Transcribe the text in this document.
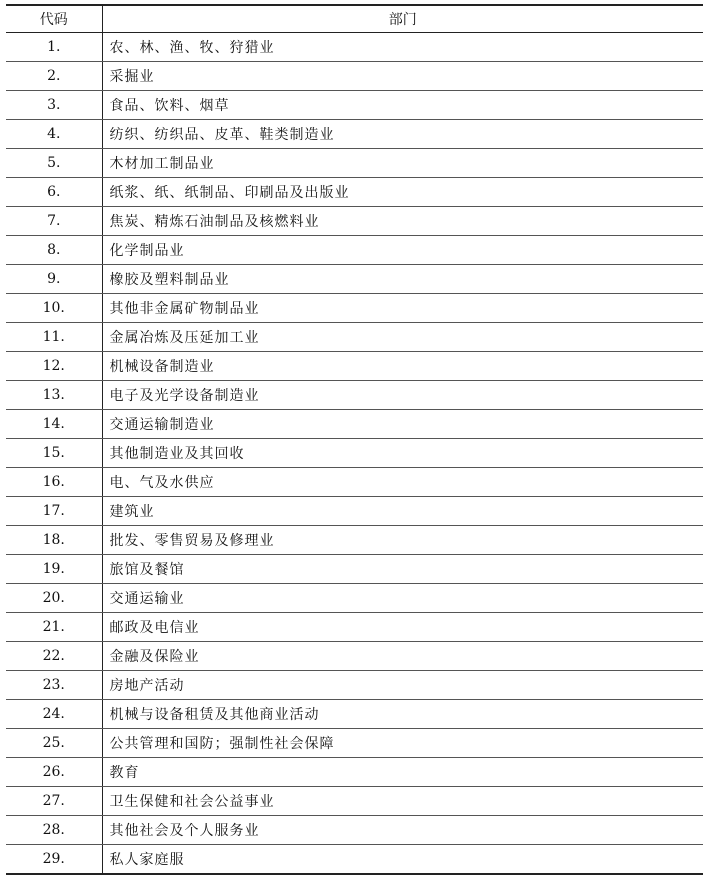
代码	部门
1.	农、林、渔、牧、狩猎业
2.	采掘业
3.	食品、饮料、烟草
4.	纺织、纺织品、皮革、鞋类制造业
5.	木材加工制品业
6.	纸浆、纸、纸制品、印刷品及出版业
7.	焦炭、精炼石油制品及核燃料业
8.	化学制品业
9.	橡胶及塑料制品业
10.	其他非金属矿物制品业
11.	金属冶炼及压延加工业
12.	机械设备制造业
13.	电子及光学设备制造业
14.	交通运输制造业
15.	其他制造业及其回收
16.	电、气及水供应
17.	建筑业
18.	批发、零售贸易及修理业
19.	旅馆及餐馆
20.	交通运输业
21.	邮政及电信业
22.	金融及保险业
23.	房地产活动
24.	机械与设备租赁及其他商业活动
25.	公共管理和国防；强制性社会保障
26.	教育
27.	卫生保健和社会公益事业
28.	其他社会及个人服务业
29.	私人家庭服
